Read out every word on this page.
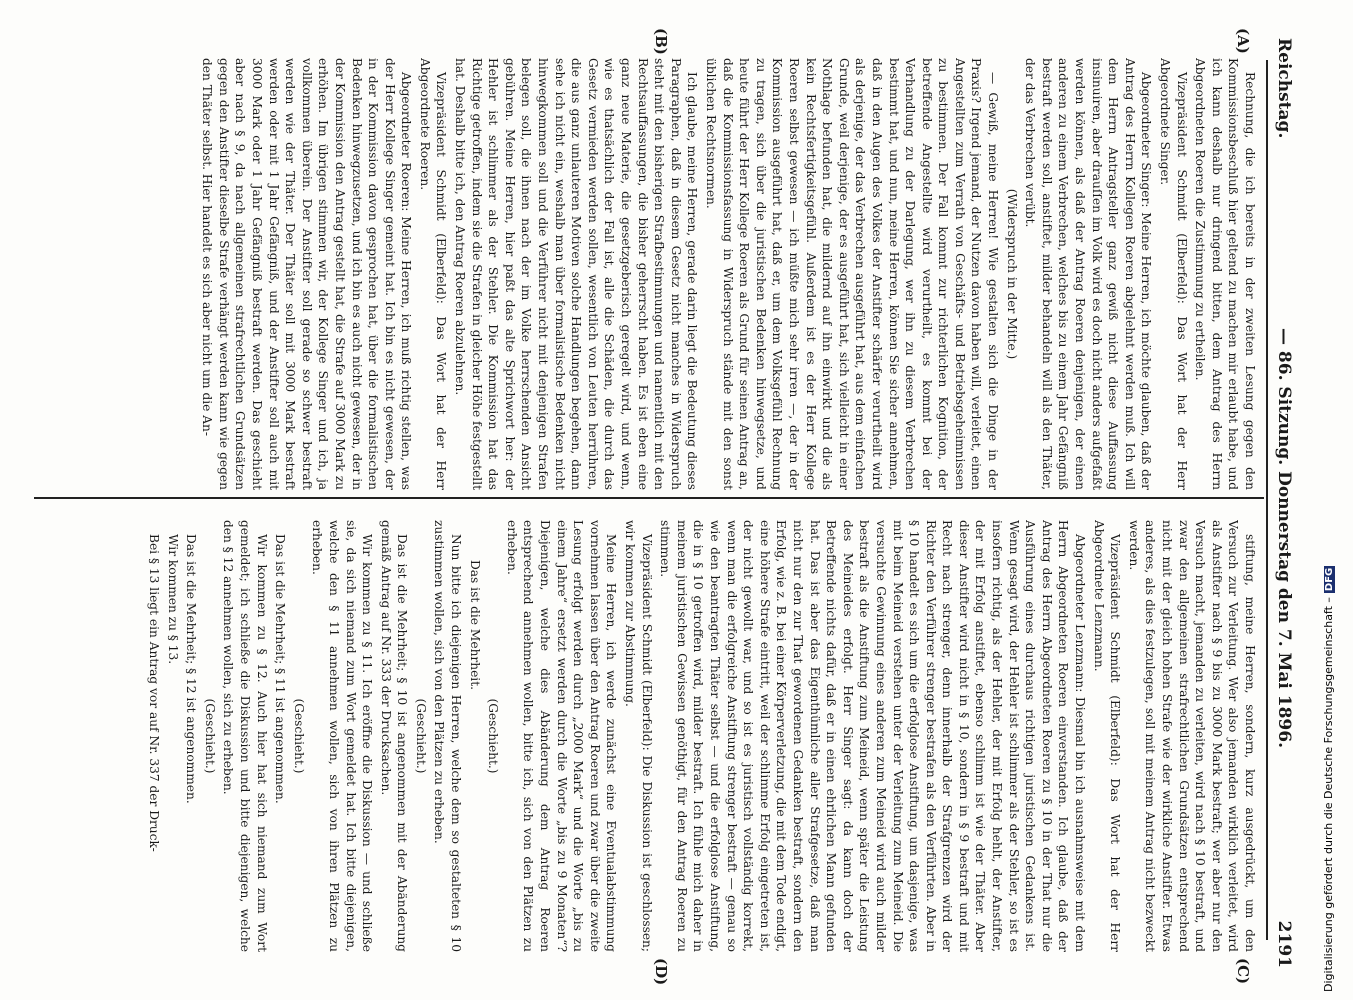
Reichstag.
— 86. Sitzung. Donnerstag den 7. Mai 1896.
2191
(A)
(B)
(C)
(D)

Rechnung, die ich bereits in der zweiten Lesung gegen den Kommissionsbeschluß hier geltend zu machen mir erlaubt habe, und ich kann deshalb nur dringend bitten, dem Antrag des Herrn Abgeordneten Roeren die Zustimmung zu ertheilen.

Vizepräsident Schmidt (Elberfeld): Das Wort hat der Herr Abgeordnete Singer.

Abgeordneter Singer: Meine Herren, ich möchte glauben, daß der Antrag des Herrn Kollegen Roeren abgelehnt werden muß. Ich will dem Herrn Antragsteller ganz gewiß nicht diese Auffassung insinuiren, aber drauſſen im Volk wird es doch nicht anders aufgefaßt werden können, als daß der Antrag Roeren denjenigen, der einen anderen zu einem Verbrechen, welches bis zu einem Jahr Gefängniß bestraft werden soll, anstiftet, milder behandeln will als den Thäter, der das Verbrechen verübt.

(Widerspruch in der Mitte.)

— Gewiß, meine Herren! Wie gestalten sich die Dinge in der Praxis? Irgend jemand, der Nutzen davon haben will, verleitet, einen Angestellten zum Verrath von Geschäfts- und Betriebsgeheimnissen zu bestimmen. Der Fall kommt zur richterlichen Kognition, der betreffende Angestellte wird verurtheilt, es kommt bei der Verhandlung zu der Darlegung, wer ihn zu diesem Verbrechen bestimmt hat, und nun, meine Herren, können Sie sicher annehmen, daß in den Augen des Volkes der Anstifter schärfer verurtheilt wird als derjenige, der das Verbrechen ausgeführt hat, aus dem einfachen Grunde, weil derjenige, der es ausgeführt hat, sich vielleicht in einer Nothlage befunden hat, die mildernd auf ihn einwirkt und die als kein Rechtsfertigkeitsgefühl. Außerdem ist es der Herr Kollege Roeren selbst gewesen — ich müßte mich sehr irren —, der in der Kommission ausgeführt hat, daß er, um dem Volksgefühl Rechnung zu tragen, sich über die juristischen Bedenken hinwegsetze, und heute führt der Herr Kollege Roeren als Grund für seinen Antrag an, daß die Kommissionsfassung in Widerspruch stände mit den sonst üblichen Rechtsnormen.

Ich glaube, meine Herren, gerade darin liegt die Bedeutung dieses Paragraphen, daß in diesem Gesetz nicht manches in Widerspruch steht mit den bisherigen Strafbestimmungen und namentlich mit den Rechtsauffassungen, die bisher geherrscht haben. Es ist eben eine ganz neue Materie, die gesetzgeberisch geregelt wird, und wenn, wie es thatsächlich der Fall ist, alle die Schäden, die durch das Gesetz vermieden werden sollen, wesentlich von Leuten herrühren, die aus ganz unlauteren Motiven solche Handlungen begehen, dann sehe ich nicht ein, weshalb man über formalistische Bedenken nicht hinwegkommen soll und die Verführer nicht mit denjenigen Strafen belegen soll, die ihnen nach der im Volke herrschenden Ansicht gebühren. Meine Herren, hier paßt das alte Sprichwort her: der Hehler ist schlimmer als der Stehler. Die Kommission hat das Richtige getroffen, indem sie die Strafen in gleicher Höhe festgestellt hat. Deshalb bitte ich, den Antrag Roeren abzulehnen.

Vizepräsident Schmidt (Elberfeld): Das Wort hat der Herr Abgeordnete Roeren.

Abgeordneter Roeren: Meine Herren, ich muß richtig stellen, was der Herr Kollege Singer gemeint hat. Ich bin es nicht gewesen, der in der Kommission davon gesprochen hat, über die formalistischen Bedenken hinwegzusetzen, und ich bin es auch nicht gewesen, der in der Kommission den Antrag gestellt hat, die Strafe auf 3000 Mark zu erhöhen. Im übrigen stimmen wir, der Kollege Singer und ich, ja vollkommen überein. Der Anstifter soll gerade so schwer bestraft werden wie der Thäter. Der Thäter soll mit 3000 Mark bestraft werden oder mit 1 Jahr Gefängniß, und der Anstifter soll auch mit 3000 Mark oder 1 Jahr Gefängniß bestraft werden. Das geschieht aber nach § 9, da nach allgemeinen strafrechtlichen Grundsätzen gegen den Anstifter dieselbe Strafe verhängt werden kann wie gegen den Thäter selbst. Hier handelt es sich aber nicht um die An-

stiftung, meine Herren, sondern, kurz ausgedrückt, um den Versuch zur Verleitung. Wer also jemanden wirklich verleitet, wird als Anstifter nach § 9 bis zu 3000 Mark bestraft; wer aber nur den Versuch macht, jemanden zu verleiten, wird nach § 10 bestraft, und zwar den allgemeinen strafrechtlichen Grundsätzen entsprechend nicht mit der gleich hohen Strafe wie der wirkliche Anstifter. Etwas anderes, als dies festzulegen, soll mit meinem Antrag nicht bezweckt werden.

Vizepräsident Schmidt (Elberfeld): Das Wort hat der Herr Abgeordnete Lenzmann.

Abgeordneter Lenzmann: Diesmal bin ich ausnahmsweise mit dem Herrn Abgeordneten Roeren einverstanden. Ich glaube, daß der Antrag des Herrn Abgeordneten Roeren zu § 10 in der That nur die Ausführung eines durchaus richtigen juristischen Gedankens ist. Wenn gesagt wird, der Hehler ist schlimmer als der Stehler, so ist es insofern richtig, als der Hehler, der mit Erfolg hehlt, der Anstifter, der mit Erfolg anstiftet, ebenso schlimm ist wie der Thäter. Aber dieser Anstifter wird nicht in § 10, sondern in § 9 bestraft und mit Recht nach strenger, denn innerhalb der Strafgrenzen wird der Richter den Verführer strenger bestrafen als den Verführten. Aber in § 10 handelt es sich um die erfolglose Anstiftung, um dasjenige, was mit beim Meineid verstehen unter der Verleitung zum Meineid. Die versuchte Gewinnung eines anderen zum Meineid wird auch milder bestraft als die Anstiftung zum Meineid, wenn später die Leistung des Meineides erfolgt. Herr Singer sagt: da kann doch der Betreffende nichts dafür, daß er in einen ehrlichen Mann gefunden hat. Das ist aber das Eigenthümliche aller Strafgesetze, daß man nicht nur den zur That gewordenen Gedanken bestraft, sondern den Erfolg, wie z. B. bei einer Körperverletzung, die mit dem Tode endigt, eine höhere Strafe eintritt, weil der schlimme Erfolg eingetreten ist, der nicht gewollt war, und so ist es juristisch vollständig korrekt, wenn man die erfolgreiche Anstiftung strenger bestraft — genau so wie den beantragten Thäter selbst — und die erfolglose Anstiftung, die in § 10 getroffen wird, milder bestraft. Ich fühle mich daher in meinem juristischen Gewissen genöthigt, für den Antrag Roeren zu stimmen.

Vizepräsident Schmidt (Elberfeld): Die Diskussion ist geschlossen; wir kommen zur Abstimmung.

Meine Herren, ich werde zunächst eine Eventualabstimmung vornehmen lassen über den Antrag Roeren und zwar über die zweite Lesung erfolgt werden durch „2000 Mark“ und die Worte „bis zu einem Jahre“ ersetzt werden durch die Worte „bis zu 9 Monaten“? Diejenigen, welche dies Abänderung dem Antrag Roeren entsprechend annehmen wollen, bitte ich, sich von den Plätzen zu erheben.

(Geschieht.)

Das ist die Mehrheit.

Nun bitte ich diejenigen Herren, welche dem so gestalteten § 10 zustimmen wollen, sich von den Plätzen zu erheben.

(Geschieht.)

Das ist die Mehrheit; § 10 ist angenommen mit der Abänderung gemäß Antrag auf Nr. 333 der Drucksachen.

Wir kommen zu § 11. Ich eröffne die Diskussion — und schließe sie, da sich niemand zum Wort gemeldet hat. Ich bitte diejenigen, welche den § 11 annehmen wollen, sich von ihren Plätzen zu erheben.

(Geschieht.)

Das ist die Mehrheit; § 11 ist angenommen.

Wir kommen zu § 12. Auch hier hat sich niemand zum Wort gemeldet; ich schließe die Diskussion und bitte diejenigen, welche den § 12 annehmen wollen, sich zu erheben.

(Geschieht.)

Das ist die Mehrheit; § 12 ist angenommen.

Wir kommen zu § 13.

Bei § 13 liegt ein Antrag vor auf Nr. 337 der Druck-	Digitalisierung gefördert durch die Deutsche Forschungsgemeinschaft –DFG
